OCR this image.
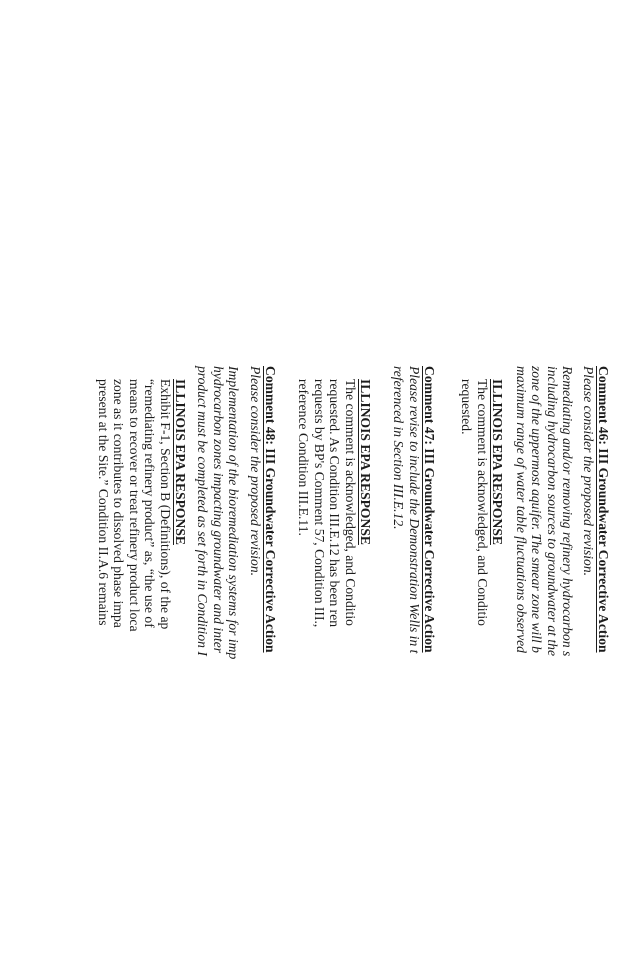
Comment 46: III Groundwater Corrective Action
Please consider the proposed revision.
Remediating and/or removing refinery hydrocarbon s
including hydrocarbon sources to groundwater at the
zone of the uppermost aquifer. The smear zone will b
maximum range of water table fluctuations observed
ILLINOIS EPA RESPONSE
The comment is acknowledged, and Conditio
requested.
Comment 47: III Groundwater Corrective Action
Please revise to include the Demonstration Wells in t
referenced in Section III.E.12.
ILLINOIS EPA RESPONSE
The comment is acknowledged, and Conditio
requested. As Condition III.E.12 has been ren
requests by BP's Comment 57, Condition III.,
reference Condition III.E.11.
Comment 48: III Groundwater Corrective Action
Please consider the proposed revision.
Implementation of the bioremediation systems for imp
hydrocarbon zones impacting groundwater and inter
product must be completed as set forth in Condition I
ILLINOIS EPA RESPONSE
Exhibit F-1, Section B (Definitions), of the ap
“remediating refinery product” as, “the use of
means to recover or treat refinery product loca
zone as it contributes to dissolved phase impa
present at the Site.” Condition II.A.6 remains
